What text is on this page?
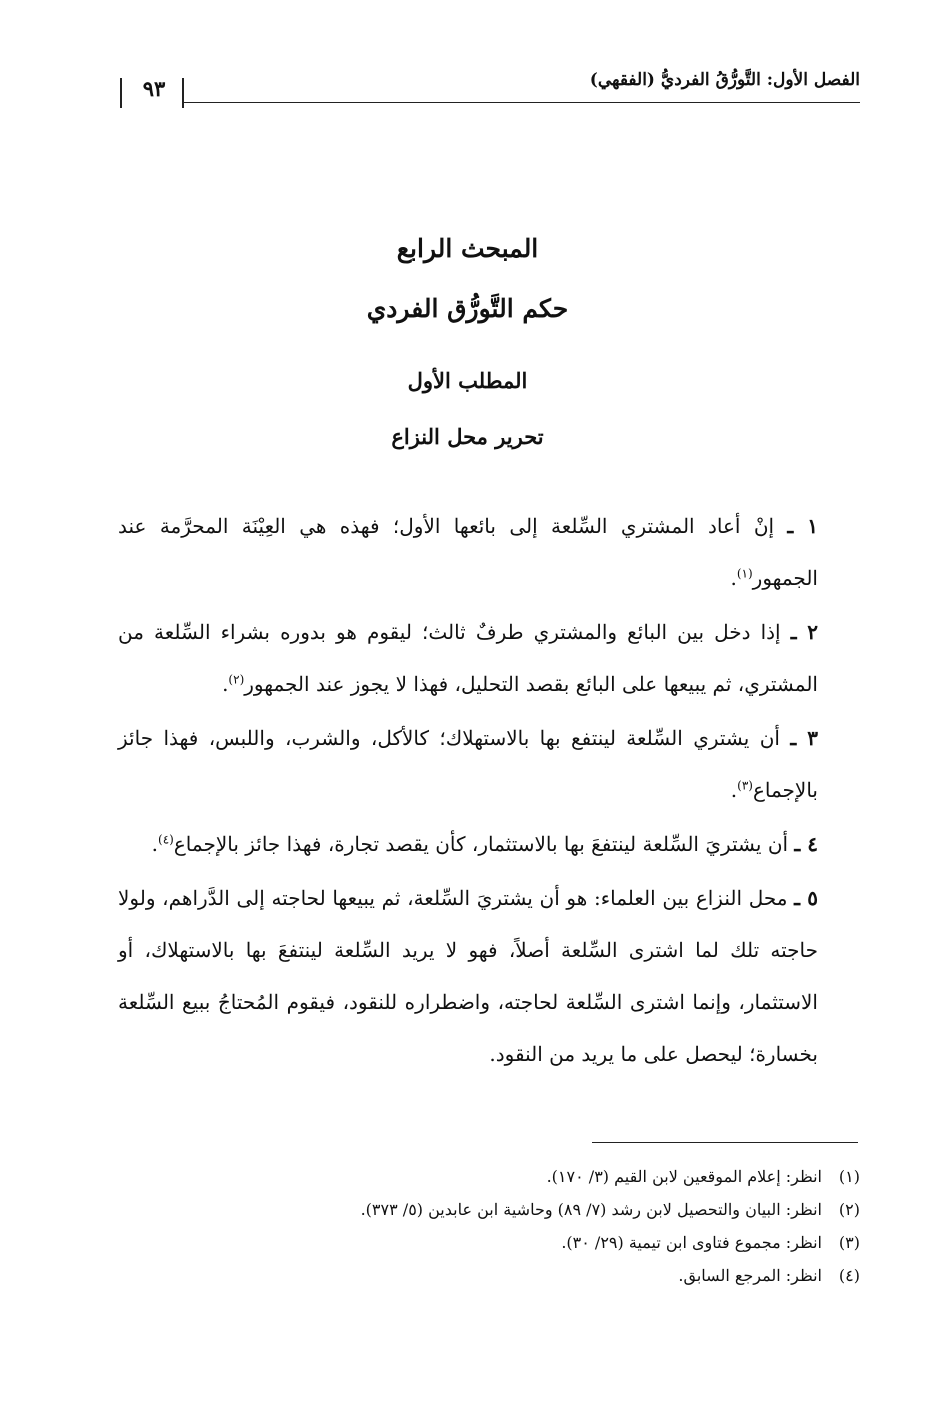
الفصل الأول: التَّورُّقُ الفرديُّ (الفقهي)
٩٣
المبحث الرابع
حكم التَّورُّق الفردي
المطلب الأول
تحرير محل النزاع

١ ـ إنْ أعاد المشتري السِّلعة إلى بائعها الأول؛ فهذه هي العِيْنَة المحرَّمة عند الجمهور$^{(١)}$.

٢ ـ إذا دخل بين البائع والمشتري طرفٌ ثالث؛ ليقوم هو بدوره بشراء السِّلعة من المشتري، ثم يبيعها على البائع بقصد التحليل، فهذا لا يجوز عند الجمهور$^{(٢)}$.

٣ ـ أن يشتري السِّلعة لينتفع بها بالاستهلاك؛ كالأكل، والشرب، واللبس، فهذا جائز بالإجماع$^{(٣)}$.

٤ ـ أن يشتريَ السِّلعة لينتفعَ بها بالاستثمار، كأن يقصد تجارة، فهذا جائز بالإجماع$^{(٤)}$.

٥ ـ محل النزاع بين العلماء: هو أن يشتريَ السِّلعة، ثم يبيعها لحاجته إلى الدَّراهم، ولولا حاجته تلك لما اشترى السِّلعة أصلاً، فهو لا يريد السِّلعة لينتفعَ بها بالاستهلاك، أو الاستثمار، وإنما اشترى السِّلعة لحاجته، واضطراره للنقود، فيقوم المُحتاجُ ببيع السِّلعة بخسارة؛ ليحصل على ما يريد من النقود.

(١)انظر: إعلام الموقعين لابن القيم (٣/ ١٧٠).
(٢)انظر: البيان والتحصيل لابن رشد (٧/ ٨٩) وحاشية ابن عابدين (٥/ ٣٧٣).
(٣)انظر: مجموع فتاوى ابن تيمية (٢٩/ ٣٠).
(٤)انظر: المرجع السابق.
